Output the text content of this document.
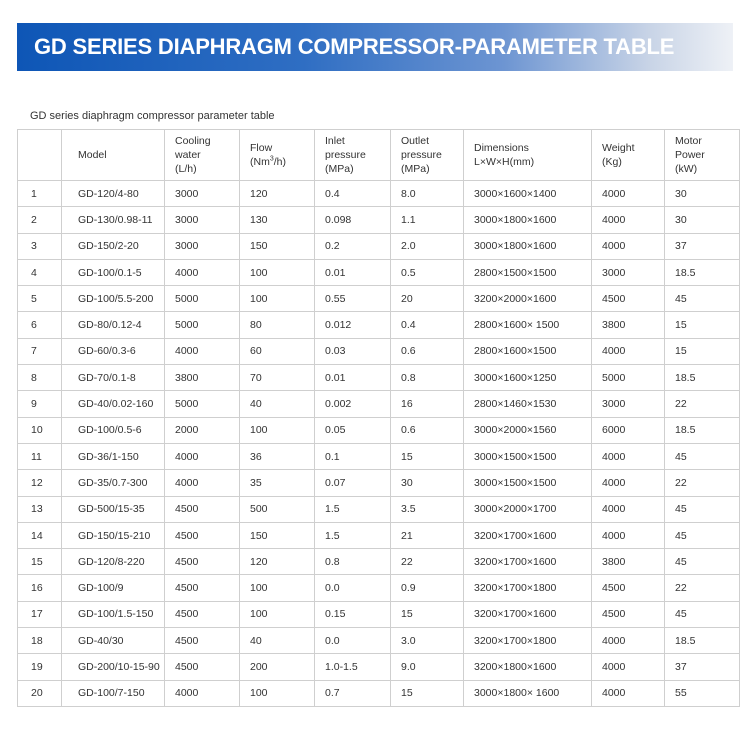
GD SERIES DIAPHRAGM COMPRESSOR-PARAMETER TABLE
GD series diaphragm compressor parameter table
	Model	Cooling
water
(L/h)	Flow
(Nm$^3$/h)	Inlet
pressure
(MPa)	Outlet
pressure
(MPa)	Dimensions
L×W×H(mm)	Weight
(Kg)	Motor
Power
(kW)
1	GD-120/4-80	3000	120	0.4	8.0	3000×1600×1400	4000	30
2	GD-130/0.98-11	3000	130	0.098	1.1	3000×1800×1600	4000	30
3	GD-150/2-20	3000	150	0.2	2.0	3000×1800×1600	4000	37
4	GD-100/0.1-5	4000	100	0.01	0.5	2800×1500×1500	3000	18.5
5	GD-100/5.5-200	5000	100	0.55	20	3200×2000×1600	4500	45
6	GD-80/0.12-4	5000	80	0.012	0.4	2800×1600× 1500	3800	15
7	GD-60/0.3-6	4000	60	0.03	0.6	2800×1600×1500	4000	15
8	GD-70/0.1-8	3800	70	0.01	0.8	3000×1600×1250	5000	18.5
9	GD-40/0.02-160	5000	40	0.002	16	2800×1460×1530	3000	22
10	GD-100/0.5-6	2000	100	0.05	0.6	3000×2000×1560	6000	18.5
11	GD-36/1-150	4000	36	0.1	15	3000×1500×1500	4000	45
12	GD-35/0.7-300	4000	35	0.07	30	3000×1500×1500	4000	22
13	GD-500/15-35	4500	500	1.5	3.5	3000×2000×1700	4000	45
14	GD-150/15-210	4500	150	1.5	21	3200×1700×1600	4000	45
15	GD-120/8-220	4500	120	0.8	22	3200×1700×1600	3800	45
16	GD-100/9	4500	100	0.0	0.9	3200×1700×1800	4500	22
17	GD-100/1.5-150	4500	100	0.15	15	3200×1700×1600	4500	45
18	GD-40/30	4500	40	0.0	3.0	3200×1700×1800	4000	18.5
19	GD-200/10-15-90	4500	200	1.0-1.5	9.0	3200×1800×1600	4000	37
20	GD-100/7-150	4000	100	0.7	15	3000×1800× 1600	4000	55
